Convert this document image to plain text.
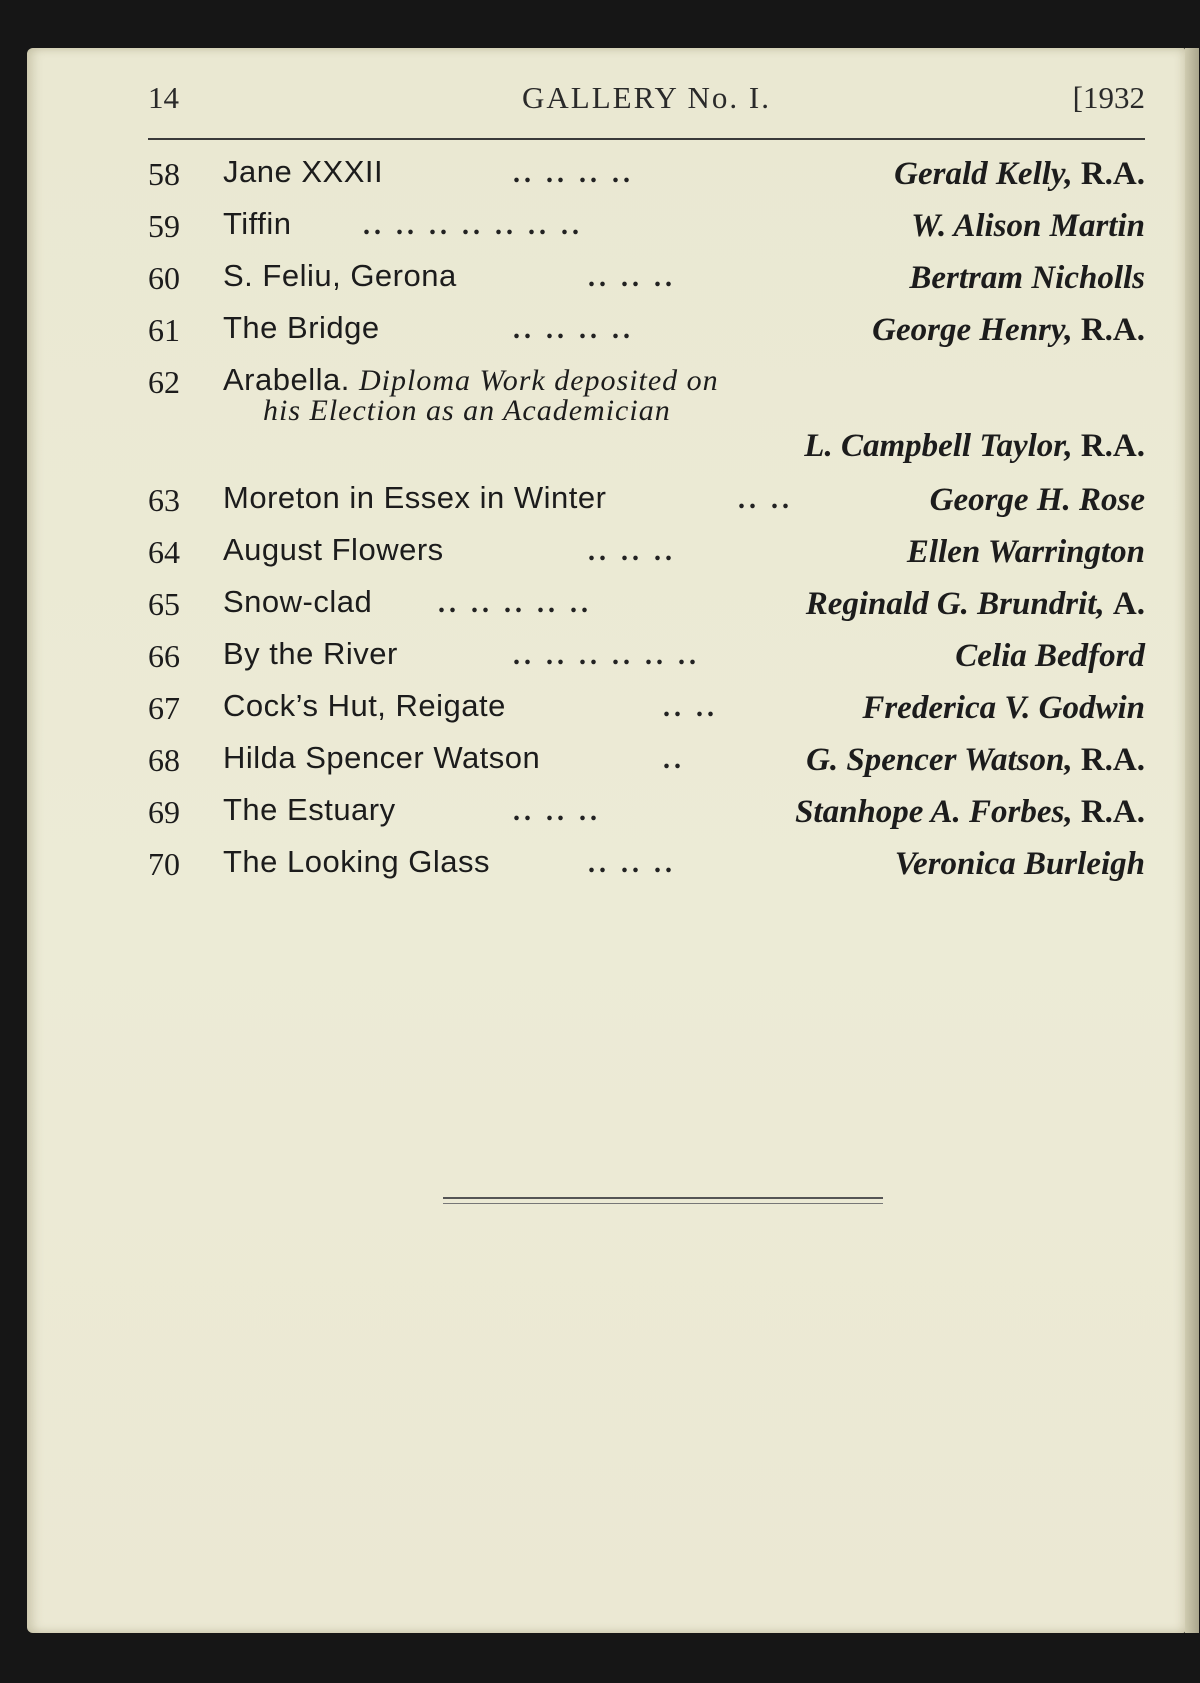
14	GALLERY No. I.	[1932
58 Jane XXXII	.. .. .. ..	Gerald Kelly, R.A.
59 Tiffin	.. .. .. .. .. .. ..	W. Alison Martin
60 S. Feliu, Gerona	.. .. ..	Bertram Nicholls
61 The Bridge	.. .. .. ..	George Henry, R.A.
62 Arabella. Diploma Work deposited on
his Election as an Academician
L. Campbell Taylor, R.A.
63 Moreton in Essex in Winter	.. ..	George H. Rose
64 August Flowers	.. .. ..	Ellen Warrington
65 Snow-clad .. .. .. .. ..	Reginald G. Brundrit, A.
66 By the River	.. .. .. .. .. ..	Celia Bedford
67 Cock’s Hut, Reigate	.. ..	Frederica V. Godwin
68 Hilda Spencer Watson	..	G. Spencer Watson, R.A.
69 The Estuary	.. .. ..	Stanhope A. Forbes, R.A.
70 The Looking Glass	.. .. ..	Veronica Burleigh
